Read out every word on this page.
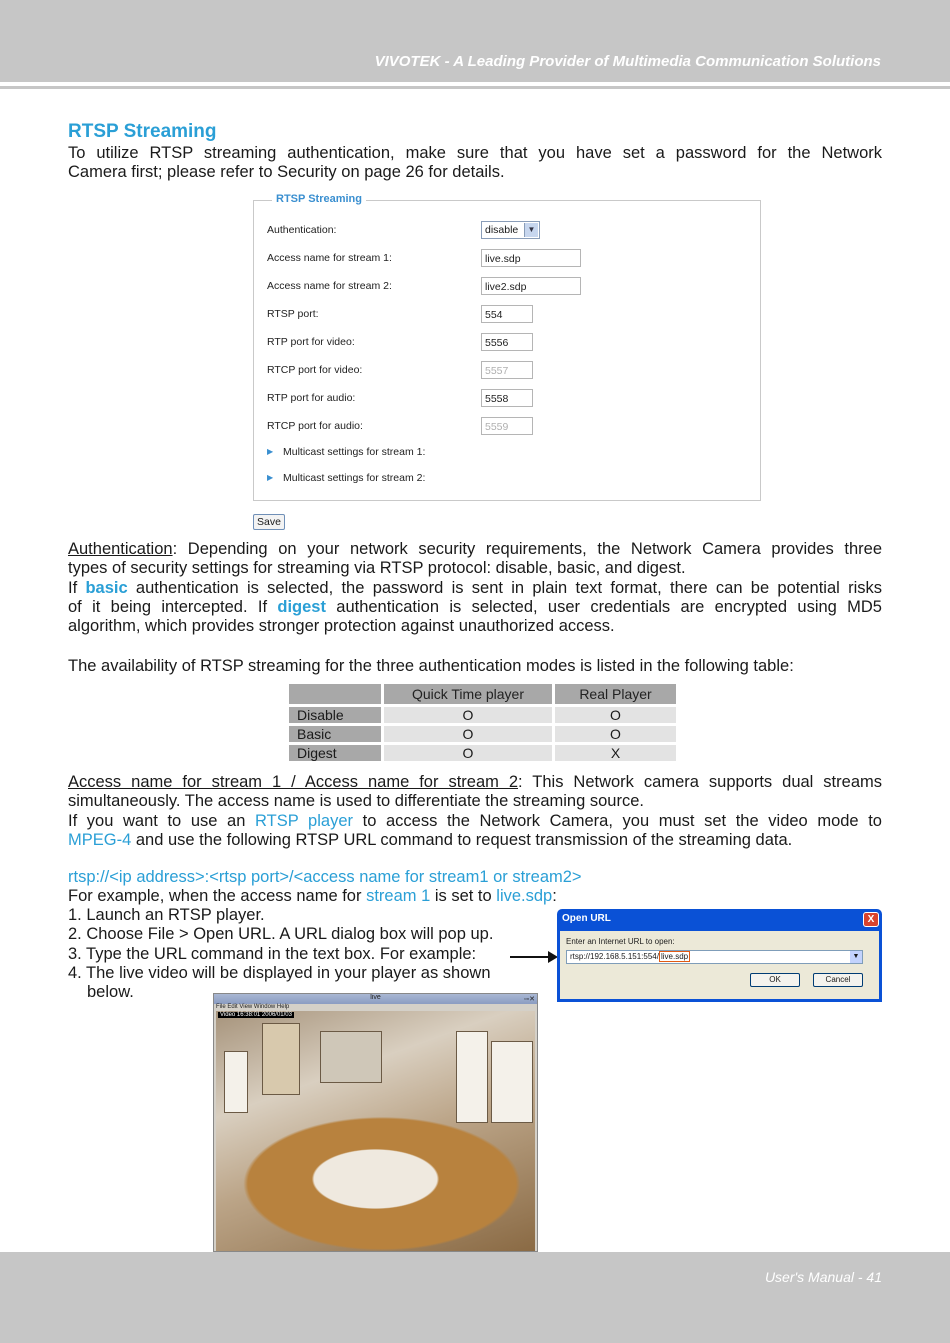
VIVOTEK - A Leading Provider of Multimedia Communication Solutions
RTSP Streaming
To utilize RTSP streaming authentication, make sure that you have set a password for the Network
Camera first; please refer to Security on page 26 for details.
RTSP Streaming
Authentication:	disable	▼
Access name for stream 1:	live.sdp
Access name for stream 2:	live2.sdp
RTSP port:	554
RTP port for video:	5556
RTCP port for video:	5557
RTP port for audio:	5558
RTCP port for audio:	5559
▶ Multicast settings for stream 1:
▶ Multicast settings for stream 2:
Save
Authentication: Depending on your network security requirements, the Network Camera provides three
types of security settings for streaming via RTSP protocol: disable, basic, and digest.
If basic authentication is selected, the password is sent in plain text format, there can be potential risks
of it being intercepted. If digest authentication is selected, user credentials are encrypted using MD5
algorithm, which provides stronger protection against unauthorized access.
The availability of RTSP streaming for the three authentication modes is listed in the following table:
	Quick Time player	Real Player
Disable	O	O
Basic	O	O
Digest	O	X
Access name for stream 1 / Access name for stream 2: This Network camera supports dual streams
simultaneously. The access name is used to differentiate the streaming source.
If you want to use an RTSP player to access the Network Camera, you must set the video mode to
MPEG-4 and use the following RTSP URL command to request transmission of the streaming data.
rtsp://<ip address>:<rtsp port>/<access name for stream1 or stream2>
For example, when the access name for stream 1 is set to live.sdp:
1. Launch an RTSP player.
2. Choose File > Open URL. A URL dialog box will pop up.
3. Type the URL command in the text box. For example:
4. The live video will be displayed in your player as shown
below.
Open URL	X
Enter an Internet URL to open:
rtsp://192.168.5.151:554/ live.sdp	▼
OK	Cancel
live	▫▫✕
File Edit View Window Help
Video 16:38:01 2006/01/03
User's Manual - 41
